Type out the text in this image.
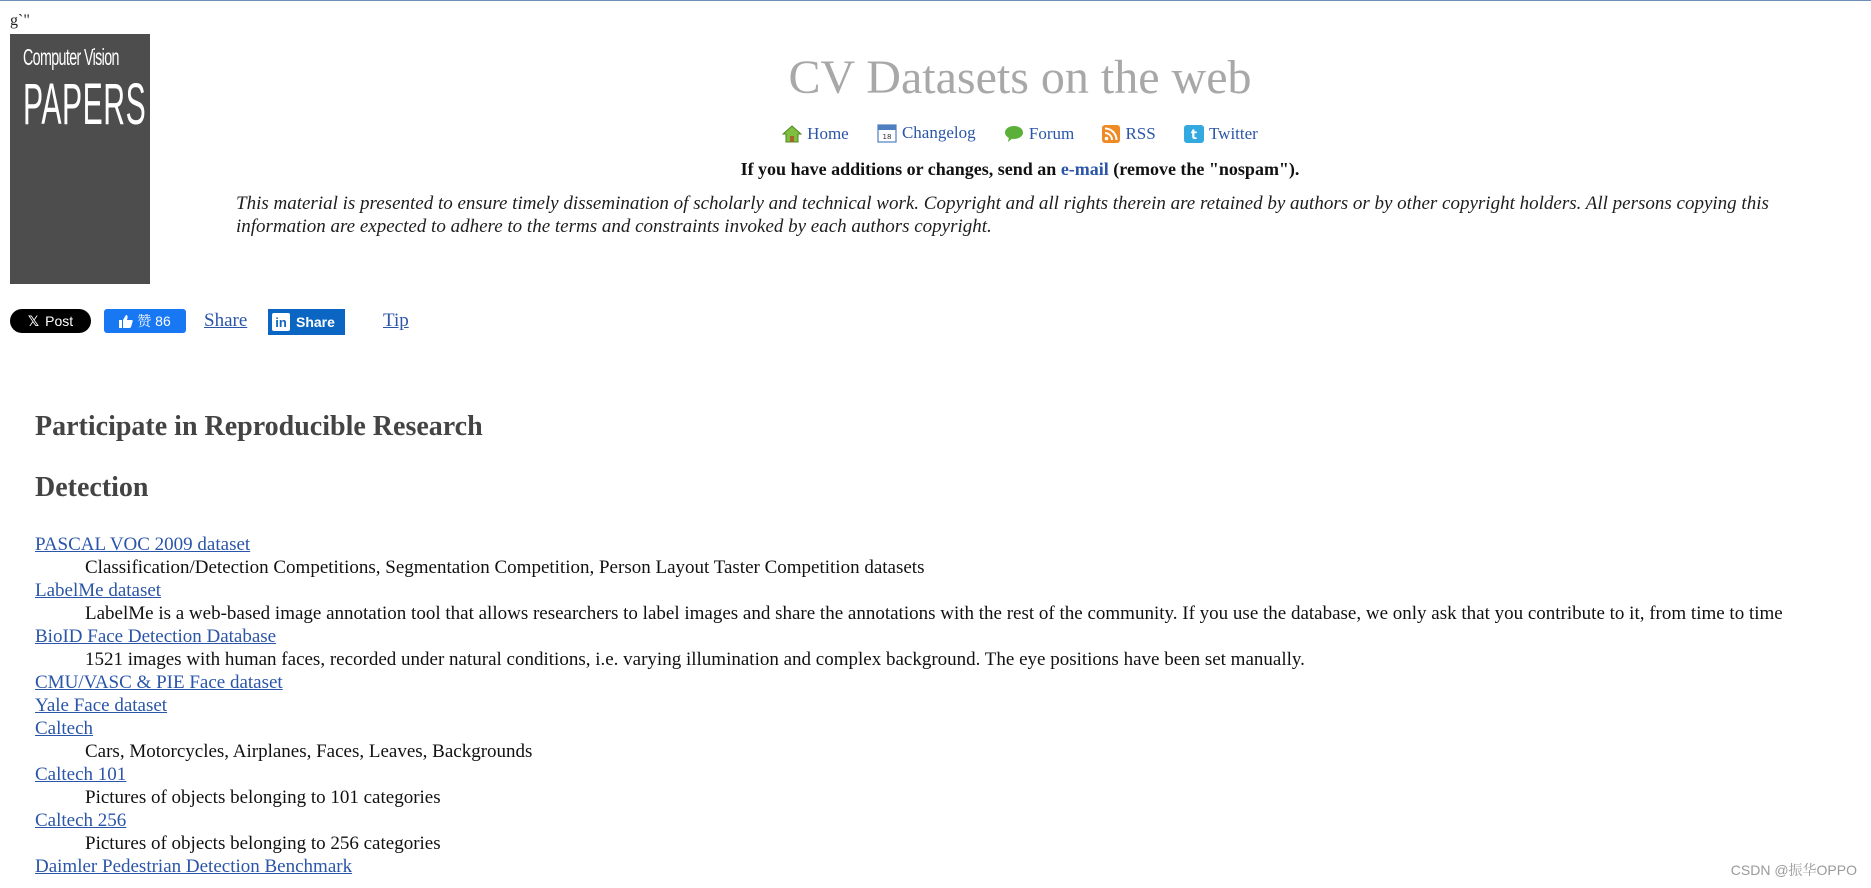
g`"
Computer Vision
PAPERS	CV Datasets on the web
Home
	18 Changelog
	Forum
	RSS
	t Twitter
If you have additions or changes, send an e-mail (remove the "nospam").
This material is presented to ensure timely dissemination of scholarly and technical work. Copyright and all rights therein are retained by authors or by other copyright holders. All persons copying this information are expected to adhere to the terms and constraints invoked by each authors copyright.
𝕏 Post	赞 86 Share in Share	Tip
Participate in Reproducible Research
Detection
PASCAL VOC 2009 dataset
Classification/Detection Competitions, Segmentation Competition, Person Layout Taster Competition datasets
LabelMe dataset
LabelMe is a web-based image annotation tool that allows researchers to label images and share the annotations with the rest of the community. If you use the database, we only ask that you contribute to it, from time to time
BioID Face Detection Database
1521 images with human faces, recorded under natural conditions, i.e. varying illumination and complex background. The eye positions have been set manually.
CMU/VASC & PIE Face dataset
Yale Face dataset
Caltech
Cars, Motorcycles, Airplanes, Faces, Leaves, Backgrounds
Caltech 101
Pictures of objects belonging to 101 categories
Caltech 256
Pictures of objects belonging to 256 categories
Daimler Pedestrian Detection Benchmark	CSDN @振华OPPO
